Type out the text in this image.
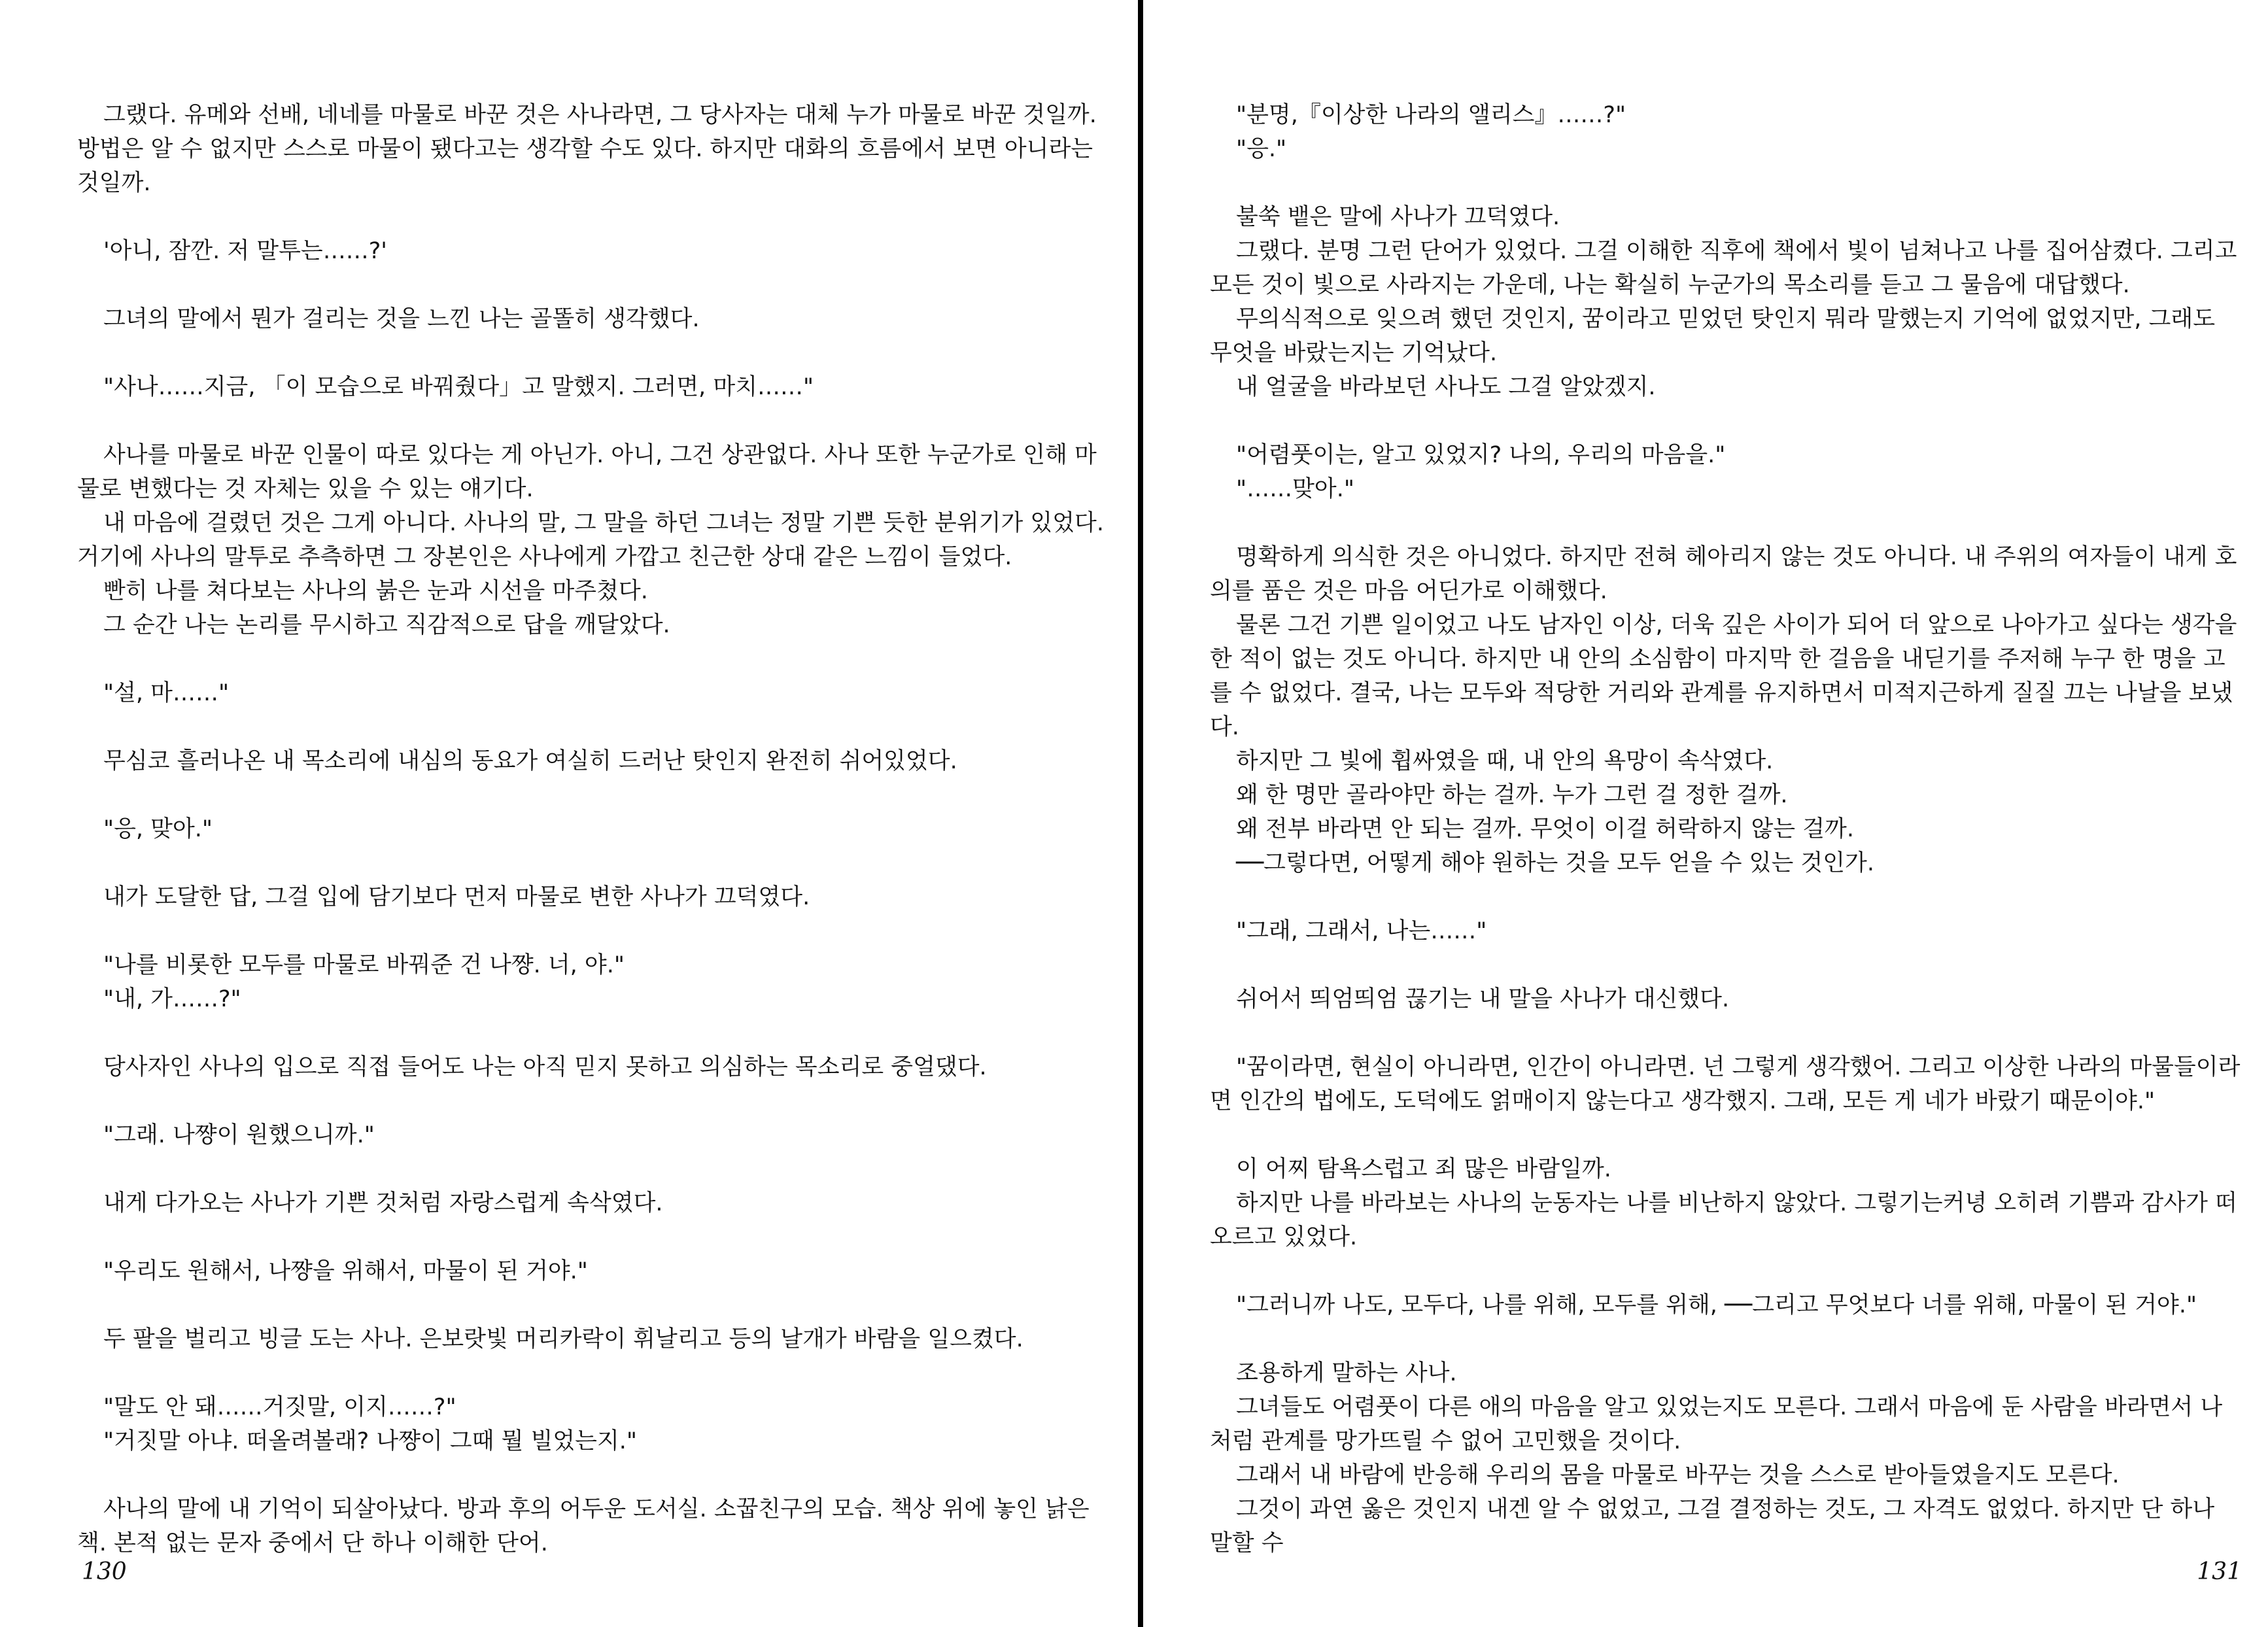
그랬다. 유메와 선배, 네네를 마물로 바꾼 것은 사나라면, 그 당사자는 대체 누가 마물로 바꾼 것일까. 방법은 알 수 없지만 스스로 마물이 됐다고는 생각할 수도 있다. 하지만 대화의 흐름에서 보면 아니라는 것일까.

'아니, 잠깐. 저 말투는……?'

그녀의 말에서 뭔가 걸리는 것을 느낀 나는 골똘히 생각했다.

"사나……지금, 「이 모습으로 바꿔줬다」고 말했지. 그러면, 마치……"

사나를 마물로 바꾼 인물이 따로 있다는 게 아닌가. 아니, 그건 상관없다. 사나 또한 누군가로 인해 마물로 변했다는 것 자체는 있을 수 있는 얘기다.

내 마음에 걸렸던 것은 그게 아니다. 사나의 말, 그 말을 하던 그녀는 정말 기쁜 듯한 분위기가 있었다. 거기에 사나의 말투로 추측하면 그 장본인은 사나에게 가깝고 친근한 상대 같은 느낌이 들었다.

빤히 나를 쳐다보는 사나의 붉은 눈과 시선을 마주쳤다.

그 순간 나는 논리를 무시하고 직감적으로 답을 깨달았다.

"설, 마……"

무심코 흘러나온 내 목소리에 내심의 동요가 여실히 드러난 탓인지 완전히 쉬어있었다.

"응, 맞아."

내가 도달한 답, 그걸 입에 담기보다 먼저 마물로 변한 사나가 끄덕였다.

"나를 비롯한 모두를 마물로 바꿔준 건 나쨩. 너, 야."

"내, 가……?"

당사자인 사나의 입으로 직접 들어도 나는 아직 믿지 못하고 의심하는 목소리로 중얼댔다.

"그래. 나쨩이 원했으니까."

내게 다가오는 사나가 기쁜 것처럼 자랑스럽게 속삭였다.

"우리도 원해서, 나쨩을 위해서, 마물이 된 거야."

두 팔을 벌리고 빙글 도는 사나. 은보랏빛 머리카락이 휘날리고 등의 날개가 바람을 일으켰다.

"말도 안 돼……거짓말, 이지……?"

"거짓말 아냐. 떠올려볼래? 나쨩이 그때 뭘 빌었는지."

사나의 말에 내 기억이 되살아났다. 방과 후의 어두운 도서실. 소꿉친구의 모습. 책상 위에 놓인 낡은 책. 본적 없는 문자 중에서 단 하나 이해한 단어.

130

"분명,『이상한 나라의 앨리스』……?"

"응."

불쑥 뱉은 말에 사나가 끄덕였다.

그랬다. 분명 그런 단어가 있었다. 그걸 이해한 직후에 책에서 빛이 넘쳐나고 나를 집어삼켰다. 그리고 모든 것이 빛으로 사라지는 가운데, 나는 확실히 누군가의 목소리를 듣고 그 물음에 대답했다.

무의식적으로 잊으려 했던 것인지, 꿈이라고 믿었던 탓인지 뭐라 말했는지 기억에 없었지만, 그래도 무엇을 바랐는지는 기억났다.

내 얼굴을 바라보던 사나도 그걸 알았겠지.

"어렴풋이는, 알고 있었지? 나의, 우리의 마음을."

"……맞아."

명확하게 의식한 것은 아니었다. 하지만 전혀 헤아리지 않는 것도 아니다. 내 주위의 여자들이 내게 호의를 품은 것은 마음 어딘가로 이해했다.

물론 그건 기쁜 일이었고 나도 남자인 이상, 더욱 깊은 사이가 되어 더 앞으로 나아가고 싶다는 생각을 한 적이 없는 것도 아니다. 하지만 내 안의 소심함이 마지막 한 걸음을 내딛기를 주저해 누구 한 명을 고를 수 없었다. 결국, 나는 모두와 적당한 거리와 관계를 유지하면서 미적지근하게 질질 끄는 나날을 보냈다.

하지만 그 빛에 휩싸였을 때, 내 안의 욕망이 속삭였다.

왜 한 명만 골라야만 하는 걸까. 누가 그런 걸 정한 걸까.

왜 전부 바라면 안 되는 걸까. 무엇이 이걸 허락하지 않는 걸까.

──그렇다면, 어떻게 해야 원하는 것을 모두 얻을 수 있는 것인가.

"그래, 그래서, 나는……"

쉬어서 띄엄띄엄 끊기는 내 말을 사나가 대신했다.

"꿈이라면, 현실이 아니라면, 인간이 아니라면. 넌 그렇게 생각했어. 그리고 이상한 나라의 마물들이라면 인간의 법에도, 도덕에도 얽매이지 않는다고 생각했지. 그래, 모든 게 네가 바랐기 때문이야."

이 어찌 탐욕스럽고 죄 많은 바람일까.

하지만 나를 바라보는 사나의 눈동자는 나를 비난하지 않았다. 그렇기는커녕 오히려 기쁨과 감사가 떠오르고 있었다.

"그러니까 나도, 모두다, 나를 위해, 모두를 위해, ──그리고 무엇보다 너를 위해, 마물이 된 거야."

조용하게 말하는 사나.

그녀들도 어렴풋이 다른 애의 마음을 알고 있었는지도 모른다. 그래서 마음에 둔 사람을 바라면서 나처럼 관계를 망가뜨릴 수 없어 고민했을 것이다.

그래서 내 바람에 반응해 우리의 몸을 마물로 바꾸는 것을 스스로 받아들였을지도 모른다.

그것이 과연 옳은 것인지 내겐 알 수 없었고, 그걸 결정하는 것도, 그 자격도 없었다. 하지만 단 하나 말할 수

131
